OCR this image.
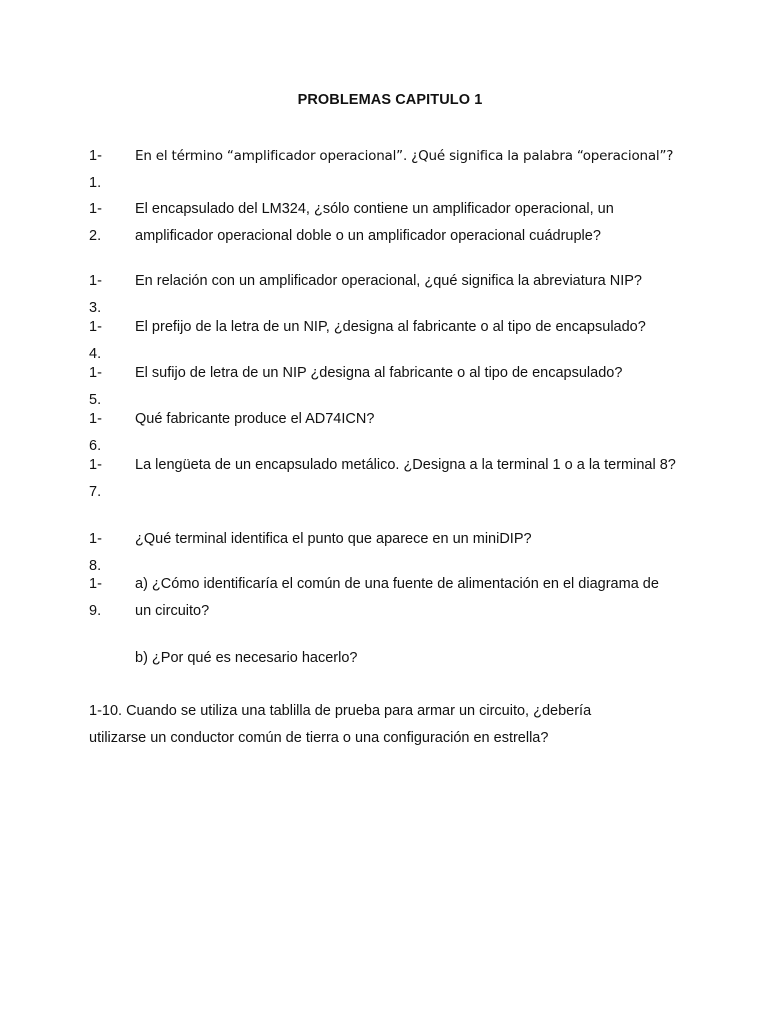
PROBLEMAS CAPITULO 1
1-1.
En el término “amplificador operacional”. ¿Qué significa la palabra “operacional”?
1-2.
El encapsulado del LM324, ¿sólo contiene un amplificador operacional, un amplificador operacional doble o un amplificador operacional cuádruple?
1-3.
En relación con un amplificador operacional, ¿qué significa la abreviatura NIP?
1-4.
El prefijo de la letra de un NIP, ¿designa al fabricante o al tipo de encapsulado?
1-5.
El sufijo de letra de un NIP ¿designa al fabricante o al tipo de encapsulado?
1-6.
Qué fabricante produce el AD74ICN?
1-7.
La lengüeta de un encapsulado metálico. ¿Designa a la terminal 1 o a la terminal 8?
1-8.
¿Qué terminal identifica el punto que aparece en un miniDIP?
1-9.
a) ¿Cómo identificaría el común de una fuente de alimentación en el diagrama de un circuito?
b) ¿Por qué es necesario hacerlo?
1-10. Cuando se utiliza una tablilla de prueba para armar un circuito, ¿debería utilizarse un conductor común de tierra o una configuración en estrella?
